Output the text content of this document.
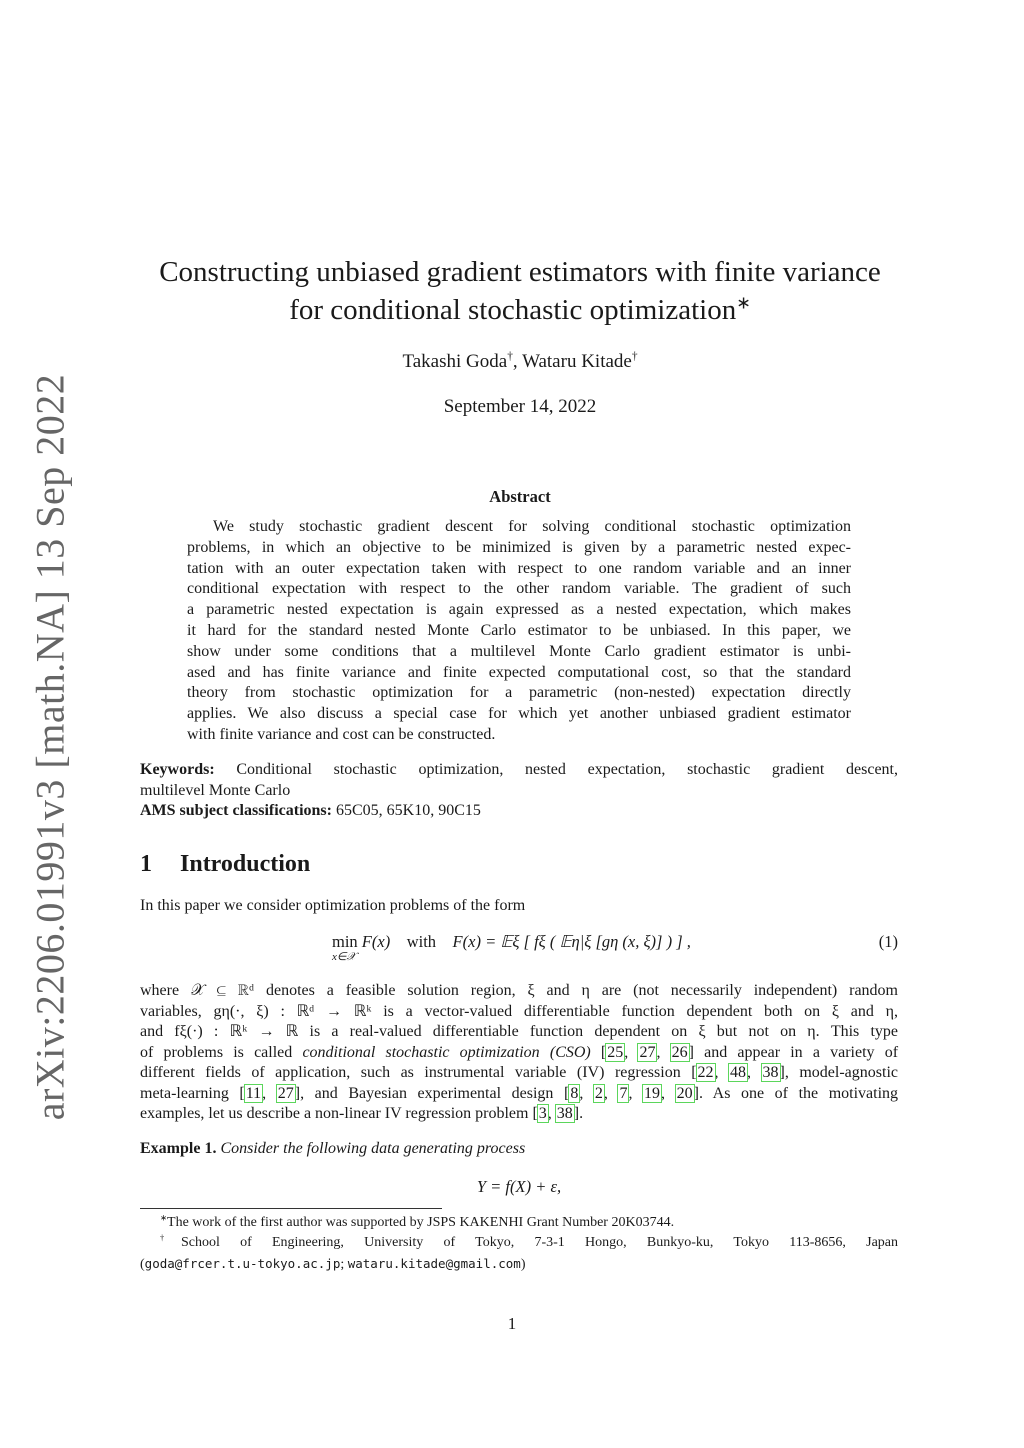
arXiv:2206.01991v3 [math.NA] 13 Sep 2022
Constructing unbiased gradient estimators with finite variance
for conditional stochastic optimization∗
Takashi Goda†, Wataru Kitade†
September 14, 2022
Abstract
We study stochastic gradient descent for solving conditional stochastic optimization
problems, in which an objective to be minimized is given by a parametric nested expec-
tation with an outer expectation taken with respect to one random variable and an inner
conditional expectation with respect to the other random variable. The gradient of such
a parametric nested expectation is again expressed as a nested expectation, which makes
it hard for the standard nested Monte Carlo estimator to be unbiased. In this paper, we
show under some conditions that a multilevel Monte Carlo gradient estimator is unbi-
ased and has finite variance and finite expected computational cost, so that the standard
theory from stochastic optimization for a parametric (non-nested) expectation directly
applies. We also discuss a special case for which yet another unbiased gradient estimator
with finite variance and cost can be constructed.
Keywords: Conditional stochastic optimization, nested expectation, stochastic gradient descent,
multilevel Monte Carlo
AMS subject classifications: 65C05, 65K10, 90C15
1 Introduction
In this paper we consider optimization problems of the form
min F(x) with F(x) = 𝔼ξ [ fξ ( 𝔼η|ξ [gη (x, ξ)] ) ] ,
x∈𝒳
(1)
where 𝒳 ⊆ ℝᵈ denotes a feasible solution region, ξ and η are (not necessarily independent) random
variables, gη(·, ξ) : ℝᵈ → ℝᵏ is a vector-valued differentiable function dependent both on ξ and η,
and fξ(·) : ℝᵏ → ℝ is a real-valued differentiable function dependent on ξ but not on η. This type
of problems is called conditional stochastic optimization (CSO) [25, 27, 26] and appear in a variety of
different fields of application, such as instrumental variable (IV) regression [22, 48, 38], model-agnostic
meta-learning [11, 27], and Bayesian experimental design [8, 2, 7, 19, 20]. As one of the motivating
examples, let us describe a non-linear IV regression problem [3, 38].
Example 1. Consider the following data generating process
Y = f(X) + ε,
∗The work of the first author was supported by JSPS KAKENHI Grant Number 20K03744.
†School of Engineering, University of Tokyo, 7-3-1 Hongo, Bunkyo-ku, Tokyo 113-8656, Japan
(goda@frcer.t.u-tokyo.ac.jp; wataru.kitade@gmail.com)
1
